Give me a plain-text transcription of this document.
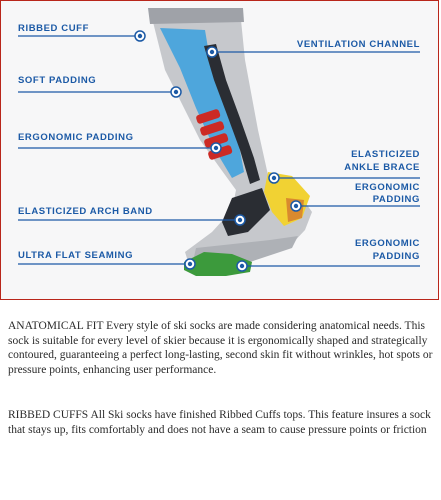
RIBBED CUFF
VENTILATION CHANNEL
SOFT PADDING
ERGONOMIC PADDING
ELASTICIZED
ANKLE BRACE
ERGONOMIC
PADDING
ELASTICIZED ARCH BAND
ULTRA FLAT SEAMING
ERGONOMIC
PADDING
ANATOMICAL FIT Every style of ski socks are made considering anatomical needs. This sock is suitable for every level of skier because it is ergonomically shaped and strategically contoured, guaranteeing a perfect long-lasting, second skin fit without wrinkles, hot spots or pressure points, enhancing user performance.
RIBBED CUFFS All Ski socks have finished Ribbed Cuffs tops. This feature insures a sock that stays up, fits comfortably and does not have a seam to cause pressure points or friction
